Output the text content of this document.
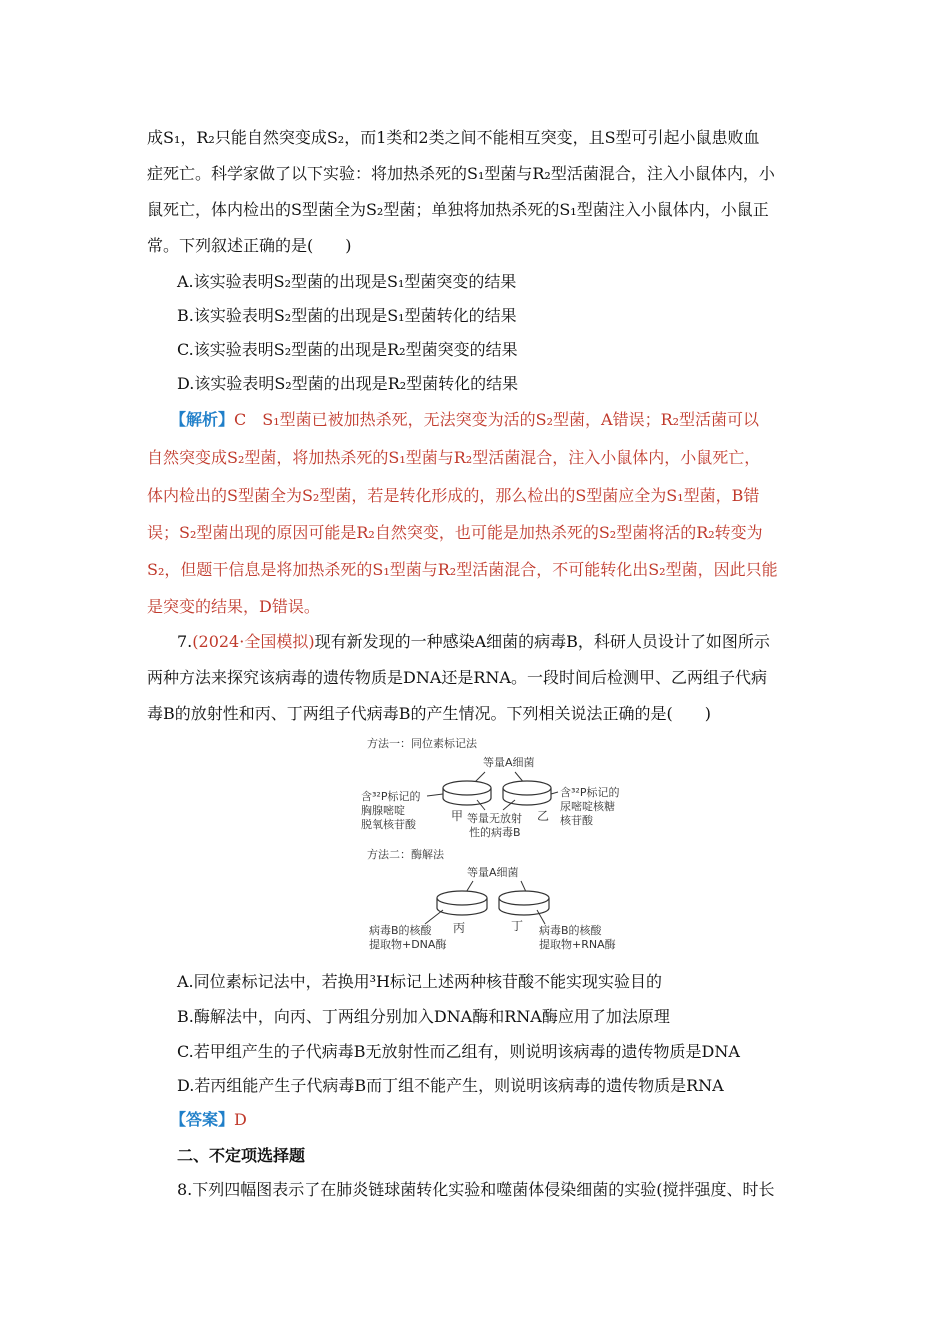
成S₁，R₂只能自然突变成S₂，而1类和2类之间不能相互突变，且S型可引起小鼠患败血
症死亡。科学家做了以下实验：将加热杀死的S₁型菌与R₂型活菌混合，注入小鼠体内，小
鼠死亡，体内检出的S型菌全为S₂型菌；单独将加热杀死的S₁型菌注入小鼠体内，小鼠正
常。下列叙述正确的是(　　)
A.该实验表明S₂型菌的出现是S₁型菌突变的结果
B.该实验表明S₂型菌的出现是S₁型菌转化的结果
C.该实验表明S₂型菌的出现是R₂型菌突变的结果
D.该实验表明S₂型菌的出现是R₂型菌转化的结果
【解析】C　S₁型菌已被加热杀死，无法突变为活的S₂型菌，A错误；R₂型活菌可以
自然突变成S₂型菌，将加热杀死的S₁型菌与R₂型活菌混合，注入小鼠体内，小鼠死亡，
体内检出的S型菌全为S₂型菌，若是转化形成的，那么检出的S型菌应全为S₁型菌，B错
误；S₂型菌出现的原因可能是R₂自然突变，也可能是加热杀死的S₂型菌将活的R₂转变为
S₂，但题干信息是将加热杀死的S₁型菌与R₂型活菌混合，不可能转化出S₂型菌，因此只能
是突变的结果，D错误。
7.(2024·全国模拟)现有新发现的一种感染A细菌的病毒B，科研人员设计了如图所示
两种方法来探究该病毒的遗传物质是DNA还是RNA。一段时间后检测甲、乙两组子代病
毒B的放射性和丙、丁两组子代病毒B的产生情况。下列相关说法正确的是(　　)
方法一：同位素标记法
等量A细菌
含³²P标记的
胸腺嘧啶
脱氧核苷酸
含³²P标记的
尿嘧啶核糖
核苷酸
甲	乙
等量无放射
性的病毒B
方法二：酶解法
等量A细菌
病毒B的核酸
提取物+DNA酶
丙	丁 病毒B的核酸
提取物+RNA酶
A.同位素标记法中，若换用³H标记上述两种核苷酸不能实现实验目的
B.酶解法中，向丙、丁两组分别加入DNA酶和RNA酶应用了加法原理
C.若甲组产生的子代病毒B无放射性而乙组有，则说明该病毒的遗传物质是DNA
D.若丙组能产生子代病毒B而丁组不能产生，则说明该病毒的遗传物质是RNA
【答案】D
二、不定项选择题
8.下列四幅图表示了在肺炎链球菌转化实验和噬菌体侵染细菌的实验(搅拌强度、时长
